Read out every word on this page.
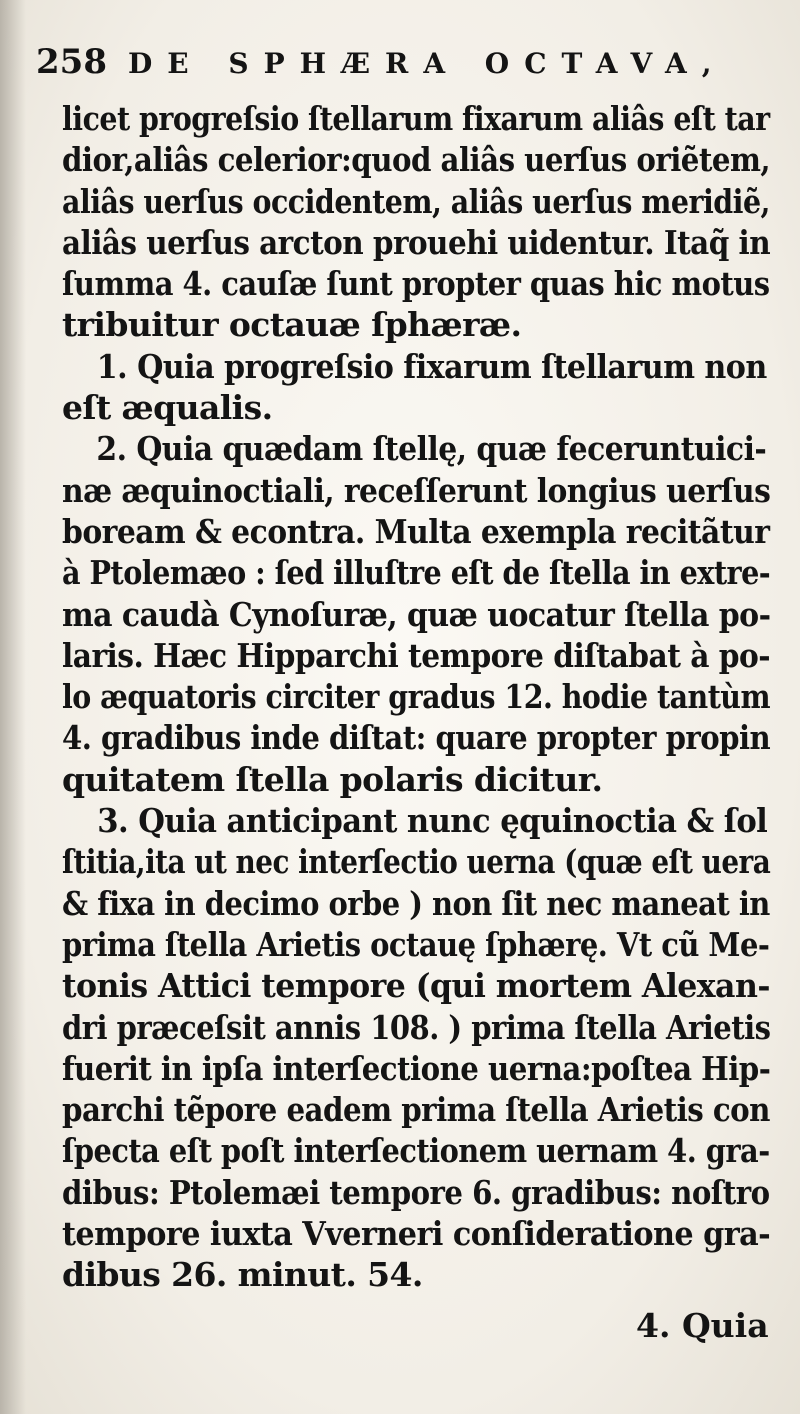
258 DE SPHÆRA OCTAVA,
licet progreſsio ſtellarum fixarum aliâs eſt tar
dior,aliâs celerior:quod aliâs uerſus oriẽtem,
aliâs uerſus occidentem, aliâs uerſus meridiẽ,
aliâs uerſus arcton prouehi uidentur. Itaq̃ in
ſumma 4. cauſæ ſunt propter quas hic motus
tribuitur octauæ ſphæræ.
1. Quia progreſsio fixarum ſtellarum non
eſt æqualis.
2. Quia quædam ſtellę, quæ feceruntuici-
næ æquinoctiali, receſſerunt longius uerſus
boream & econtra. Multa exempla recitãtur
à Ptolemæo : ſed illuſtre eſt de ſtella in extre-
ma caudà Cynoſuræ, quæ uocatur ſtella po-
laris. Hæc Hipparchi tempore diſtabat à po-
lo æquatoris circiter gradus 12. hodie tantùm
4. gradibus inde diſtat: quare propter propin
quitatem ſtella polaris dicitur.
3. Quia anticipant nunc ęquinoctia & ſol
ſtitia,ita ut nec interſectio uerna (quæ eſt uera
& fixa in decimo orbe ) non ſit nec maneat in
prima ſtella Arietis octauę ſphærę. Vt cũ Me-
tonis Attici tempore (qui mortem Alexan-
dri præceſsit annis 108. ) prima ſtella Arietis
fuerit in ipſa interſectione uerna:poſtea Hip-
parchi tẽpore eadem prima ſtella Arietis con
ſpecta eſt poſt interſectionem uernam 4. gra-
dibus: Ptolemæi tempore 6. gradibus: noſtro
tempore iuxta Vverneri conſideratione gra-
dibus 26. minut. 54.
4. Quia
